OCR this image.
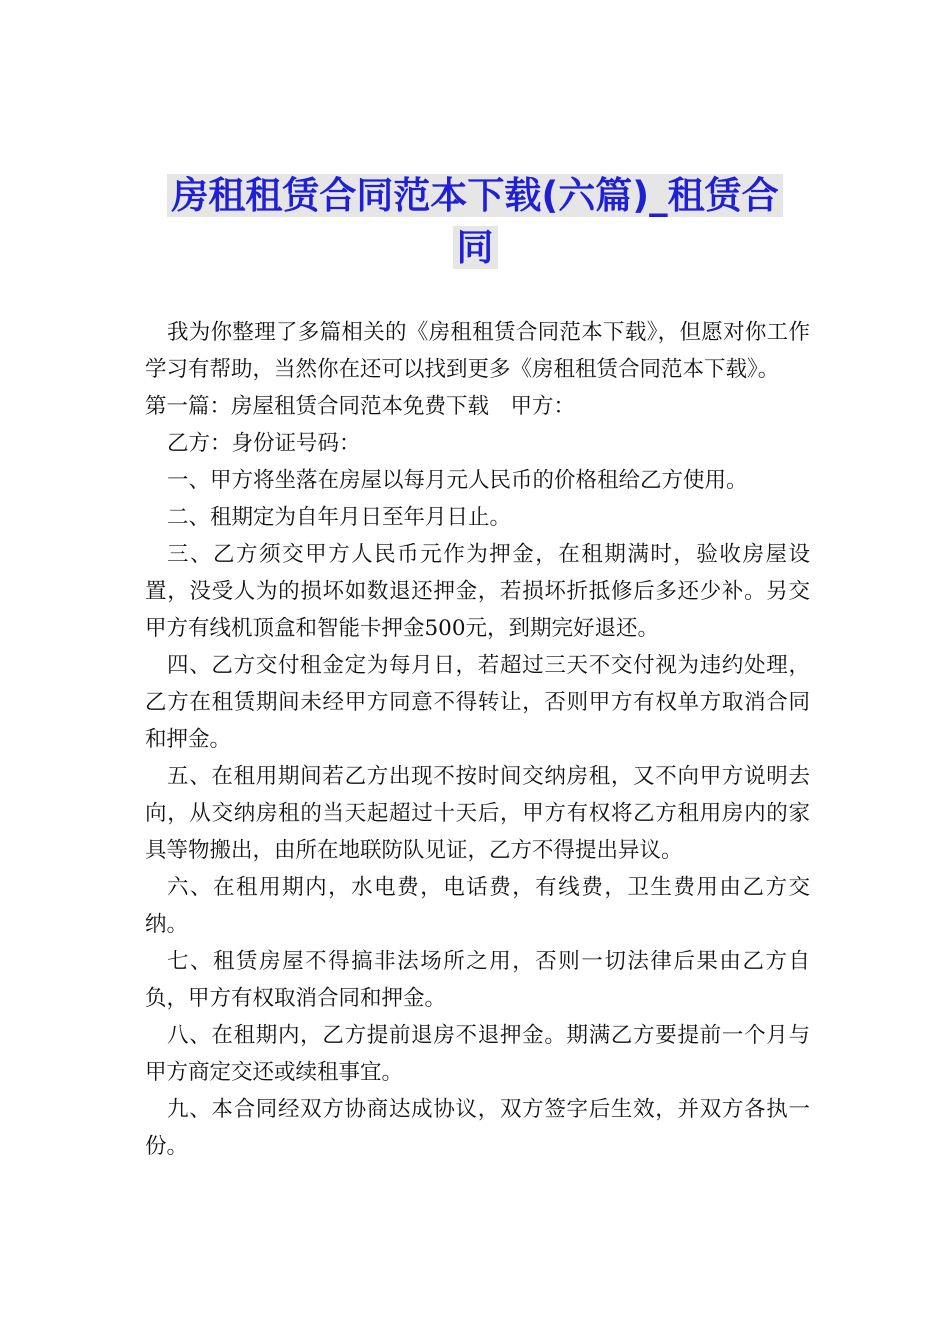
房租租赁合同范本下载(六篇)_租赁合
同

我为你整理了多篇相关的《房租租赁合同范本下载》，但愿对你工作学习有帮助，当然你在还可以找到更多《房租租赁合同范本下载》。

第一篇：房屋租赁合同范本免费下载　甲方：

乙方：身份证号码：

一、甲方将坐落在房屋以每月元人民币的价格租给乙方使用。

二、租期定为自年月日至年月日止。

三、乙方须交甲方人民币元作为押金，在租期满时，验收房屋设置，没受人为的损坏如数退还押金，若损坏折抵修后多还少补。另交甲方有线机顶盒和智能卡押金500元，到期完好退还。

四、乙方交付租金定为每月日，若超过三天不交付视为违约处理，乙方在租赁期间未经甲方同意不得转让，否则甲方有权单方取消合同和押金。

五、在租用期间若乙方出现不按时间交纳房租，又不向甲方说明去向，从交纳房租的当天起超过十天后，甲方有权将乙方租用房内的家具等物搬出，由所在地联防队见证，乙方不得提出异议。

六、在租用期内，水电费，电话费，有线费，卫生费用由乙方交纳。

七、租赁房屋不得搞非法场所之用，否则一切法律后果由乙方自负，甲方有权取消合同和押金。

八、在租期内，乙方提前退房不退押金。期满乙方要提前一个月与甲方商定交还或续租事宜。

九、本合同经双方协商达成协议，双方签字后生效，并双方各执一份。
